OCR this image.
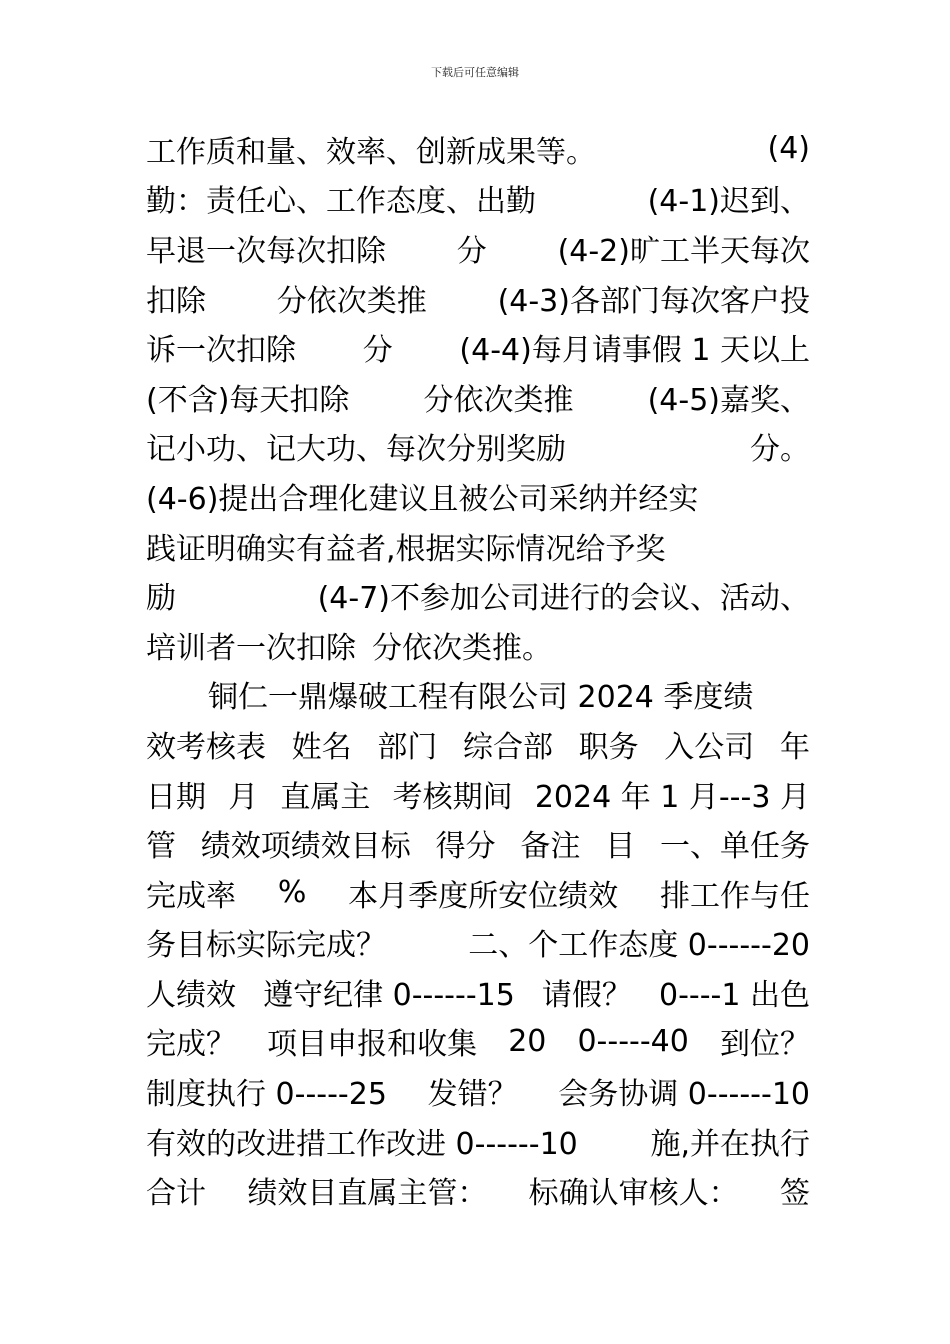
下载后可任意编辑
工作质和量、效率、创新成果等。	(4)
勤：责任心、工作态度、出勤	(4-1)迟到、
早退一次每次扣除 分 (4-2)旷工半天每次
扣除 分依次类推 (4-3)各部门每次客户投
诉一次扣除 分 (4-4)每月请事假 1 天以上
(不含)每天扣除 分依次类推 (4-5)嘉奖、
记小功、记大功、每次分别奖励	分。
(4-6)提出合理化建议且被公司采纳并经实
践证明确实有益者,根据实际情况给予奖
励	(4-7)不参加公司进行的会议、活动、
培训者一次扣除 分依次类推。
铜仁一鼎爆破工程有限公司 2024 季度绩
效考核表 姓名 部门 综合部 职务 入公司 年
日期 月 直属主 考核期间 2024 年 1 月---3 月
管 绩效项绩效目标 得分 备注 目 一、单任务
完成率 % 本月季度所安位绩效 排工作与任
务目标实际完成？	二、个工作态度 0------20
人绩效 遵守纪律 0------15 请假？ 0----1 出色
完成？ 项目申报和收集 20 0-----40 到位？
制度执行 0-----25 发错？ 会务协调 0------10
有效的改进措工作改进 0------10 施,并在执行
合计 绩效目直属主管： 标确认审核人： 签
